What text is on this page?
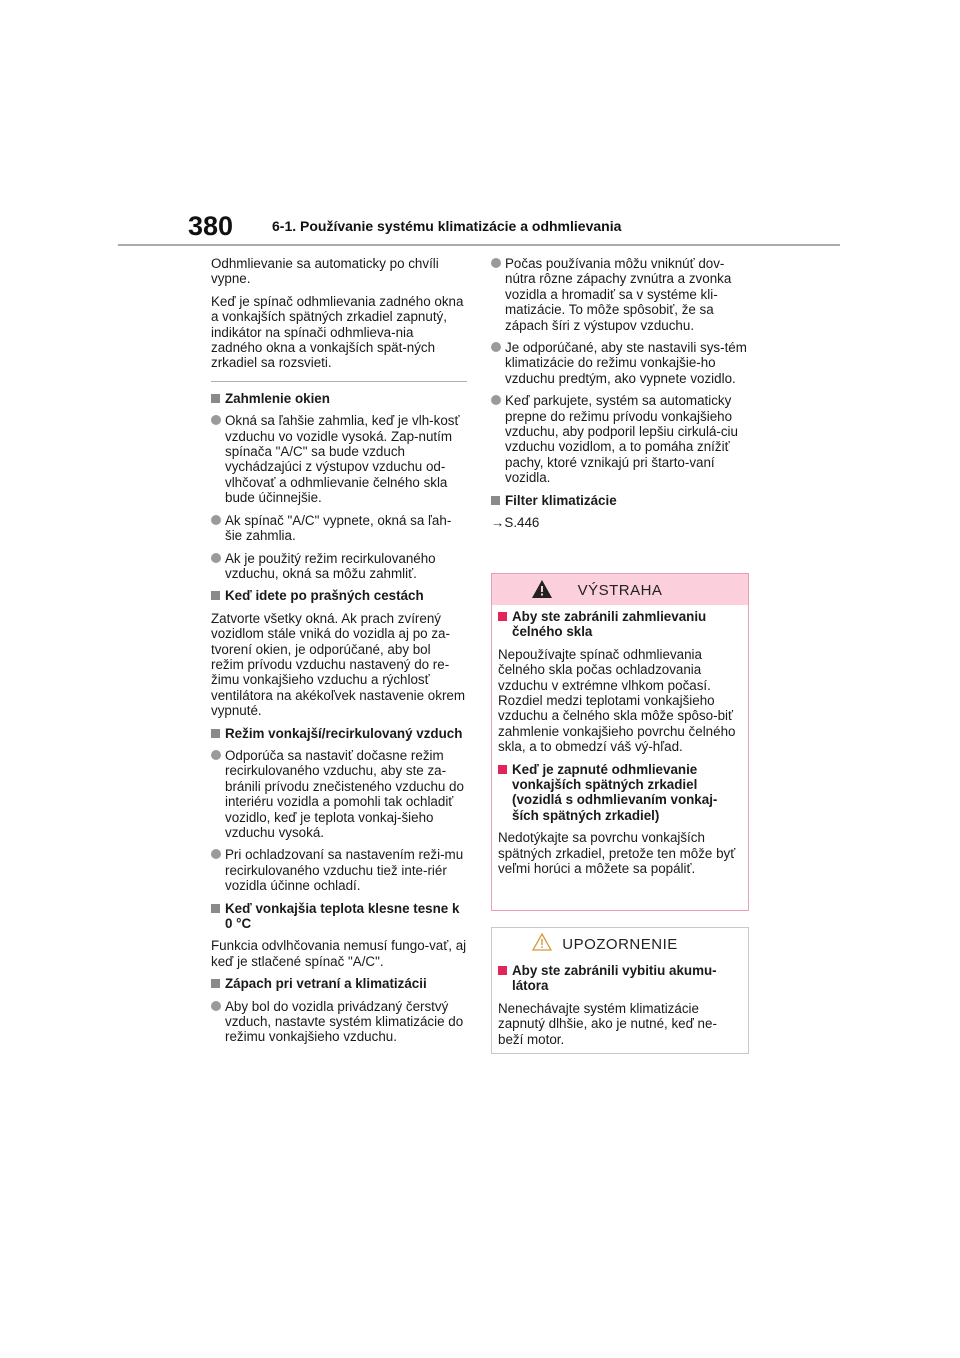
380	6-1. Používanie systému klimatizácie a odhmlievania

Odhmlievanie sa automaticky po chvíli vypne.

Keď je spínač odhmlievania zadného okna a vonkajších spätných zrkadiel zapnutý, indikátor na spínači odhmlieva-nia zadného okna a vonkajších spät-ných zrkadiel sa rozsvieti.

Zahmlenie okien
Okná sa ľahšie zahmlia, keď je vlh-kosť vzduchu vo vozidle vysoká. Zap-nutím spínača "A/C" sa bude vzduch vychádzajúci z výstupov vzduchu od-vlhčovať a odhmlievanie čelného skla bude účinnejšie.
Ak spínač "A/C" vypnete, okná sa ľah-šie zahmlia.
Ak je použitý režim recirkulovaného vzduchu, okná sa môžu zahmliť.
Keď idete po prašných cestách

Zatvorte všetky okná. Ak prach zvírený vozidlom stále vniká do vozidla aj po za-tvorení okien, je odporúčané, aby bol režim prívodu vzduchu nastavený do re-žimu vonkajšieho vzduchu a rýchlosť ventilátora na akékoľvek nastavenie okrem vypnuté.

Režim vonkajší/recirkulovaný vzduch
Odporúča sa nastaviť dočasne režim recirkulovaného vzduchu, aby ste za-bránili prívodu znečisteného vzduchu do interiéru vozidla a pomohli tak ochladiť vozidlo, keď je teplota vonkaj-šieho vzduchu vysoká.
Pri ochladzovaní sa nastavením reži-mu recirkulovaného vzduchu tiež inte-riér vozidla účinne ochladí.
Keď vonkajšia teplota klesne tesne k 0 °C

Funkcia odvlhčovania nemusí fungo-vať, aj keď je stlačené spínač "A/C".

Zápach pri vetraní a klimatizácii
Aby bol do vozidla privádzaný čerstvý vzduch, nastavte systém klimatizácie do režimu vonkajšieho vzduchu.
Počas používania môžu vniknúť dov-nútra rôzne zápachy zvnútra a zvonka vozidla a hromadiť sa v systéme kli-matizácie. To môže spôsobiť, že sa zápach šíri z výstupov vzduchu.
Je odporúčané, aby ste nastavili sys-tém klimatizácie do režimu vonkajšie-ho vzduchu predtým, ako vypnete vozidlo.
Keď parkujete, systém sa automaticky prepne do režimu prívodu vonkajšieho vzduchu, aby podporil lepšiu cirkulá-ciu vzduchu vozidlom, a to pomáha znížiť pachy, ktoré vznikajú pri štarto-vaní vozidla.
Filter klimatizácie

→S.446

VÝSTRAHA
Aby ste zabránili zahmlievaniu čelného skla

Nepoužívajte spínač odhmlievania čelného skla počas ochladzovania vzduchu v extrémne vlhkom počasí. Rozdiel medzi teplotami vonkajšieho vzduchu a čelného skla môže spôso-biť zahmlenie vonkajšieho povrchu čelného skla, a to obmedzí váš vý-hľad.

Keď je zapnuté odhmlievanie vonkajších spätných zrkadiel (vozidlá s odhmlievaním vonkaj-ších spätných zrkadiel)

Nedotýkajte sa povrchu vonkajších spätných zrkadiel, pretože ten môže byť veľmi horúci a môžete sa popáliť.

UPOZORNENIE
Aby ste zabránili vybitiu akumu-látora

Nenechávajte systém klimatizácie zapnutý dlhšie, ako je nutné, keď ne-beží motor.
